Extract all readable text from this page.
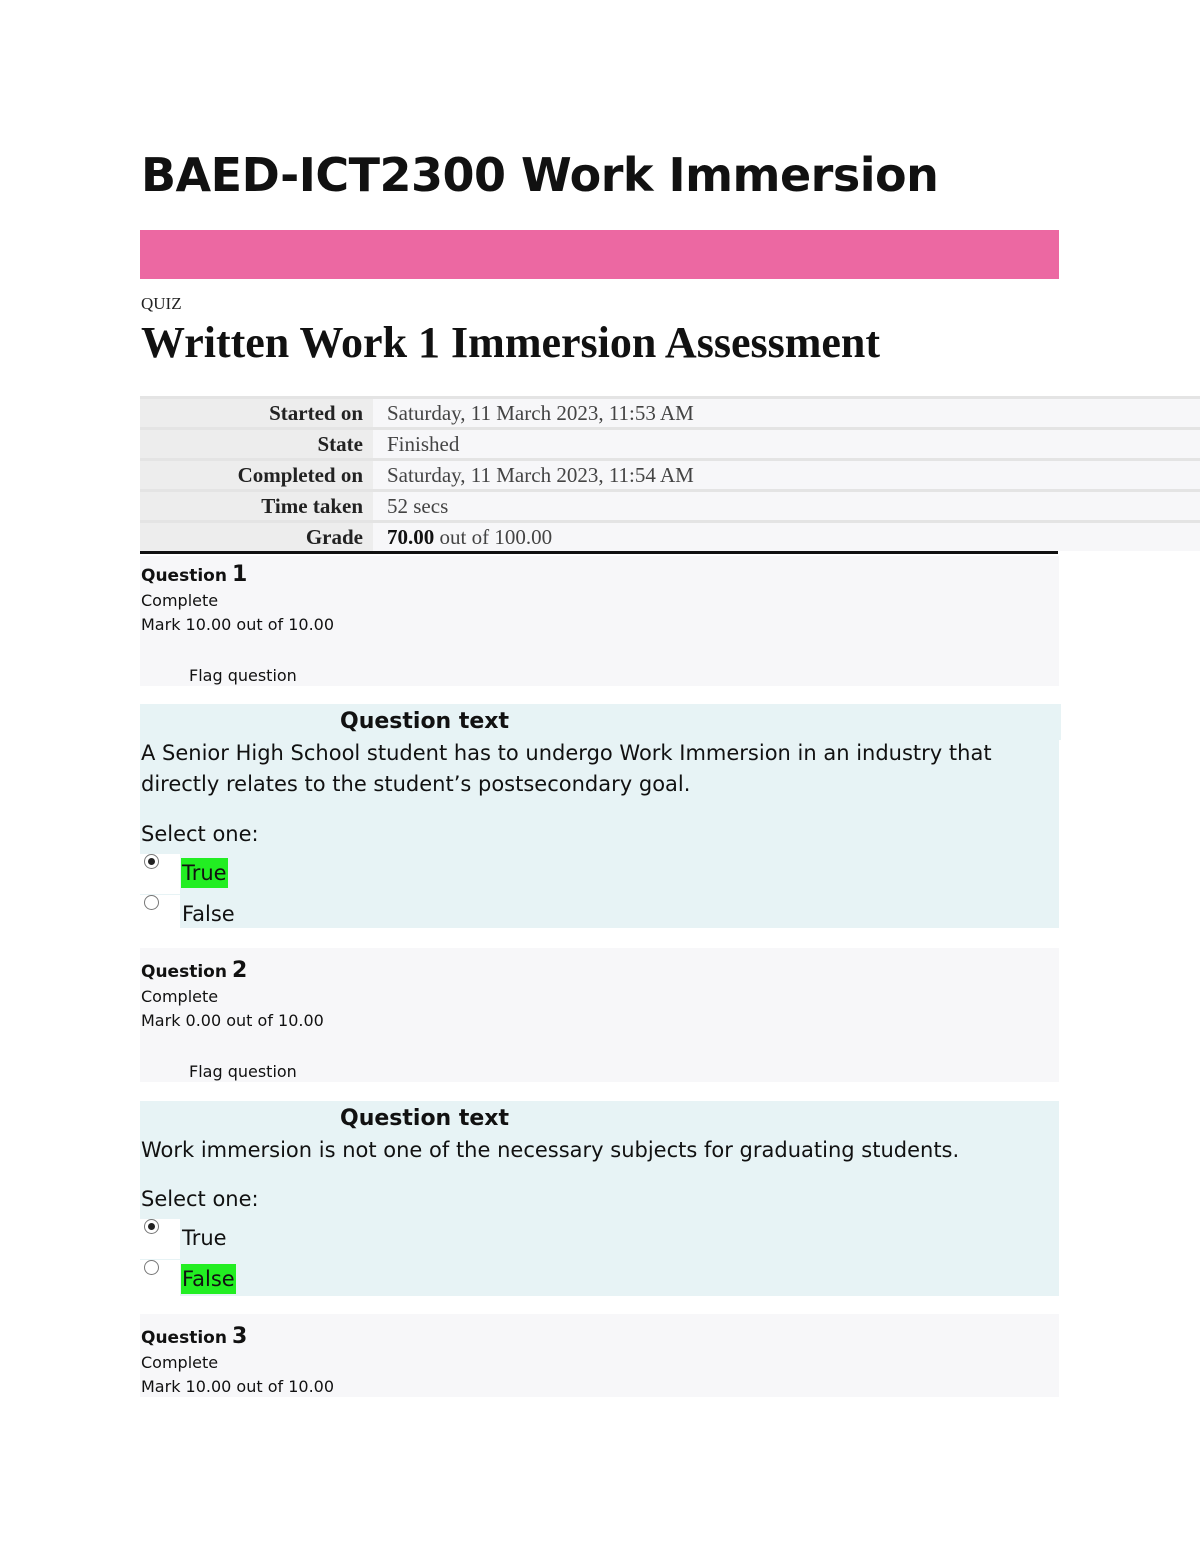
BAED-ICT2300 Work Immersion
QUIZ
Written Work 1 Immersion Assessment
Started on	Saturday, 11 March 2023, 11:53 AM
State	Finished
Completed on	Saturday, 11 March 2023, 11:54 AM
Time taken	52 secs
Grade	70.00 out of 100.00
Question 1
Complete
Mark 10.00 out of 10.00
Flag question
Question text
A Senior High School student has to undergo Work Immersion in an industry that directly relates to the student’s postsecondary goal.
Select one:
True
False
Question 2
Complete
Mark 0.00 out of 10.00
Flag question
Question text
Work immersion is not one of the necessary subjects for graduating students.
Select one:
True
False
Question 3
Complete
Mark 10.00 out of 10.00
